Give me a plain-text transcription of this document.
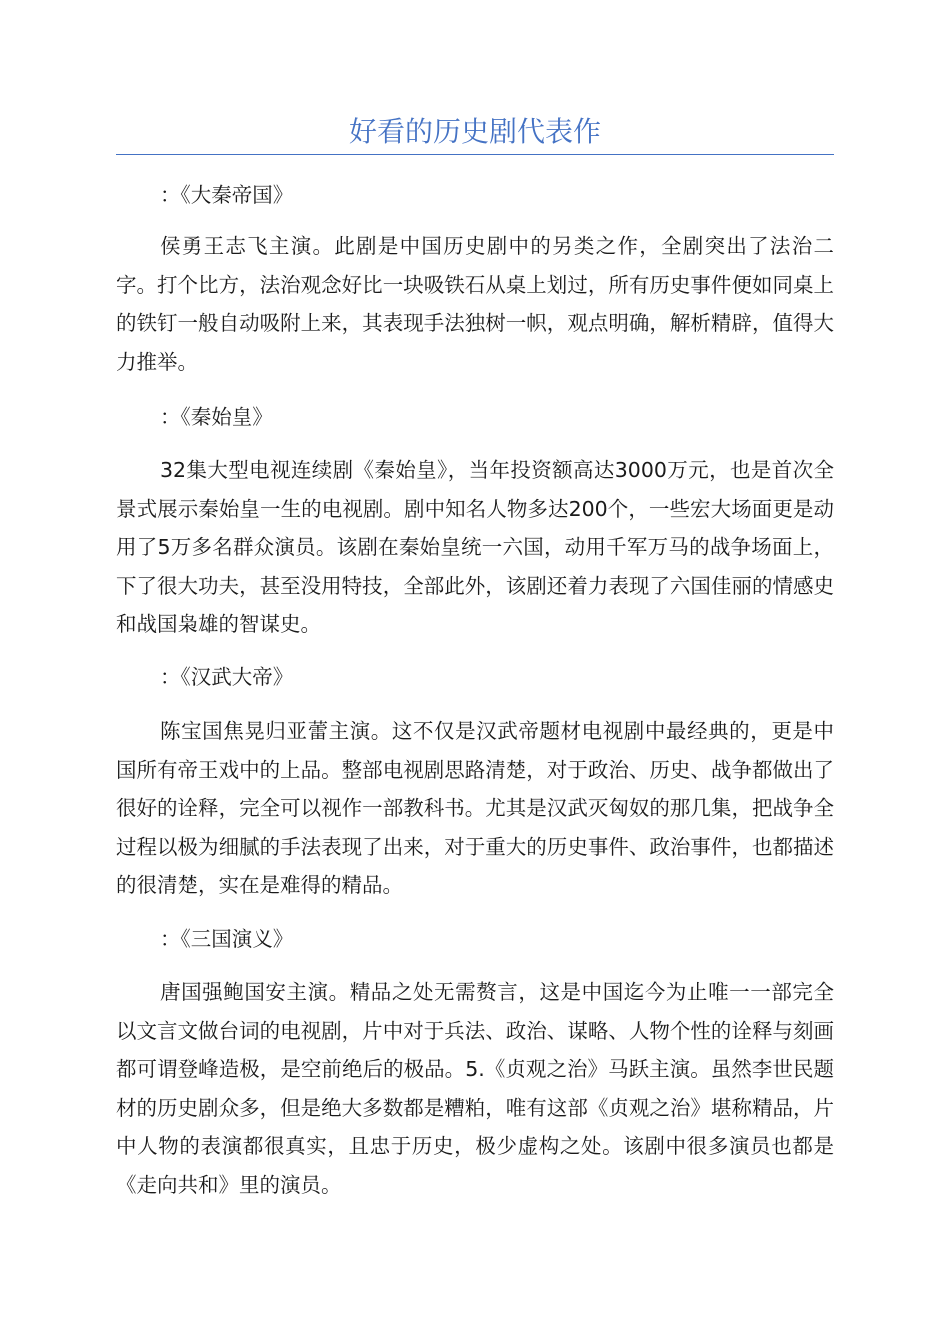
好看的历史剧代表作

：《大秦帝国》

侯勇王志飞主演。此剧是中国历史剧中的另类之作，全剧突出了法治二字。打个比方，法治观念好比一块吸铁石从桌上划过，所有历史事件便如同桌上的铁钉一般自动吸附上来，其表现手法独树一帜，观点明确，解析精辟，值得大力推举。

：《秦始皇》

32集大型电视连续剧《秦始皇》，当年投资额高达3000万元，也是首次全景式展示秦始皇一生的电视剧。剧中知名人物多达200个，一些宏大场面更是动用了5万多名群众演员。该剧在秦始皇统一六国，动用千军万马的战争场面上，下了很大功夫，甚至没用特技，全部此外，该剧还着力表现了六国佳丽的情感史和战国枭雄的智谋史。

：《汉武大帝》

陈宝国焦晃归亚蕾主演。这不仅是汉武帝题材电视剧中最经典的，更是中国所有帝王戏中的上品。整部电视剧思路清楚，对于政治、历史、战争都做出了很好的诠释，完全可以视作一部教科书。尤其是汉武灭匈奴的那几集，把战争全过程以极为细腻的手法表现了出来，对于重大的历史事件、政治事件，也都描述的很清楚，实在是难得的精品。

：《三国演义》

唐国强鲍国安主演。精品之处无需赘言，这是中国迄今为止唯一一部完全以文言文做台词的电视剧，片中对于兵法、政治、谋略、人物个性的诠释与刻画都可谓登峰造极，是空前绝后的极品。5.《贞观之治》马跃主演。虽然李世民题材的历史剧众多，但是绝大多数都是糟粕，唯有这部《贞观之治》堪称精品，片中人物的表演都很真实，且忠于历史，极少虚构之处。该剧中很多演员也都是《走向共和》里的演员。
